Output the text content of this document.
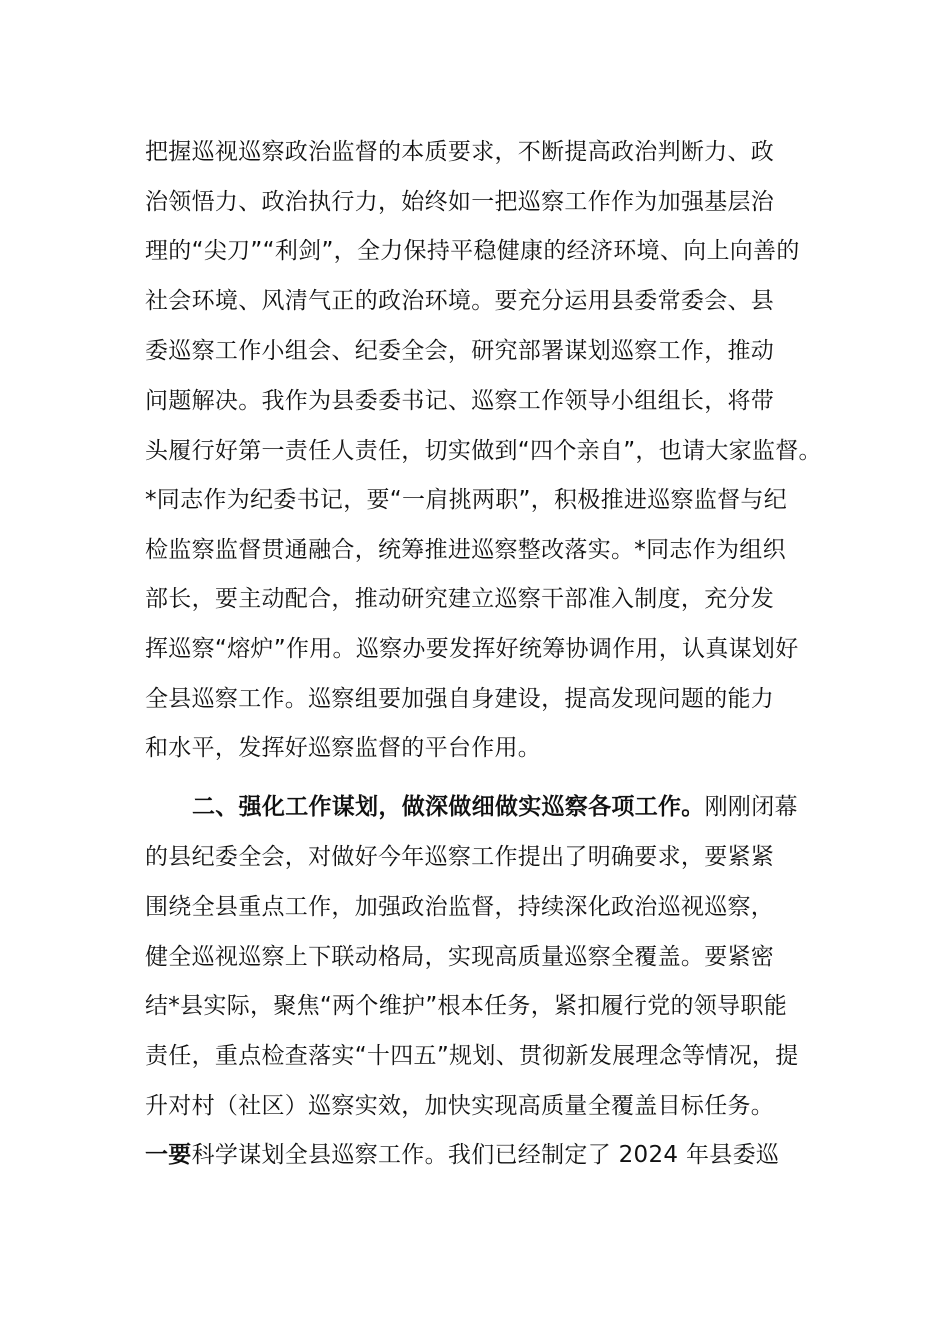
把握巡视巡察政治监督的本质要求，不断提高政治判断力、政
治领悟力、政治执行力，始终如一把巡察工作作为加强基层治
理的“尖刀”“利剑”，全力保持平稳健康的经济环境、向上向善的
社会环境、风清气正的政治环境。要充分运用县委常委会、县
委巡察工作小组会、纪委全会，研究部署谋划巡察工作，推动
问题解决。我作为县委委书记、巡察工作领导小组组长，将带
头履行好第一责任人责任，切实做到“四个亲自”，也请大家监督。
*同志作为纪委书记，要“一肩挑两职”，积极推进巡察监督与纪
检监察监督贯通融合，统筹推进巡察整改落实。*同志作为组织
部长，要主动配合，推动研究建立巡察干部准入制度，充分发
挥巡察“熔炉”作用。巡察办要发挥好统筹协调作用，认真谋划好
全县巡察工作。巡察组要加强自身建设，提高发现问题的能力
和水平，发挥好巡察监督的平台作用。
二、强化工作谋划，做深做细做实巡察各项工作。刚刚闭幕
的县纪委全会，对做好今年巡察工作提出了明确要求，要紧紧
围绕全县重点工作，加强政治监督，持续深化政治巡视巡察，
健全巡视巡察上下联动格局，实现高质量巡察全覆盖。要紧密
结*县实际，聚焦“两个维护”根本任务，紧扣履行党的领导职能
责任，重点检查落实“十四五”规划、贯彻新发展理念等情况，提
升对村（社区）巡察实效，加快实现高质量全覆盖目标任务。
一要科学谋划全县巡察工作。我们已经制定了 2024 年县委巡
